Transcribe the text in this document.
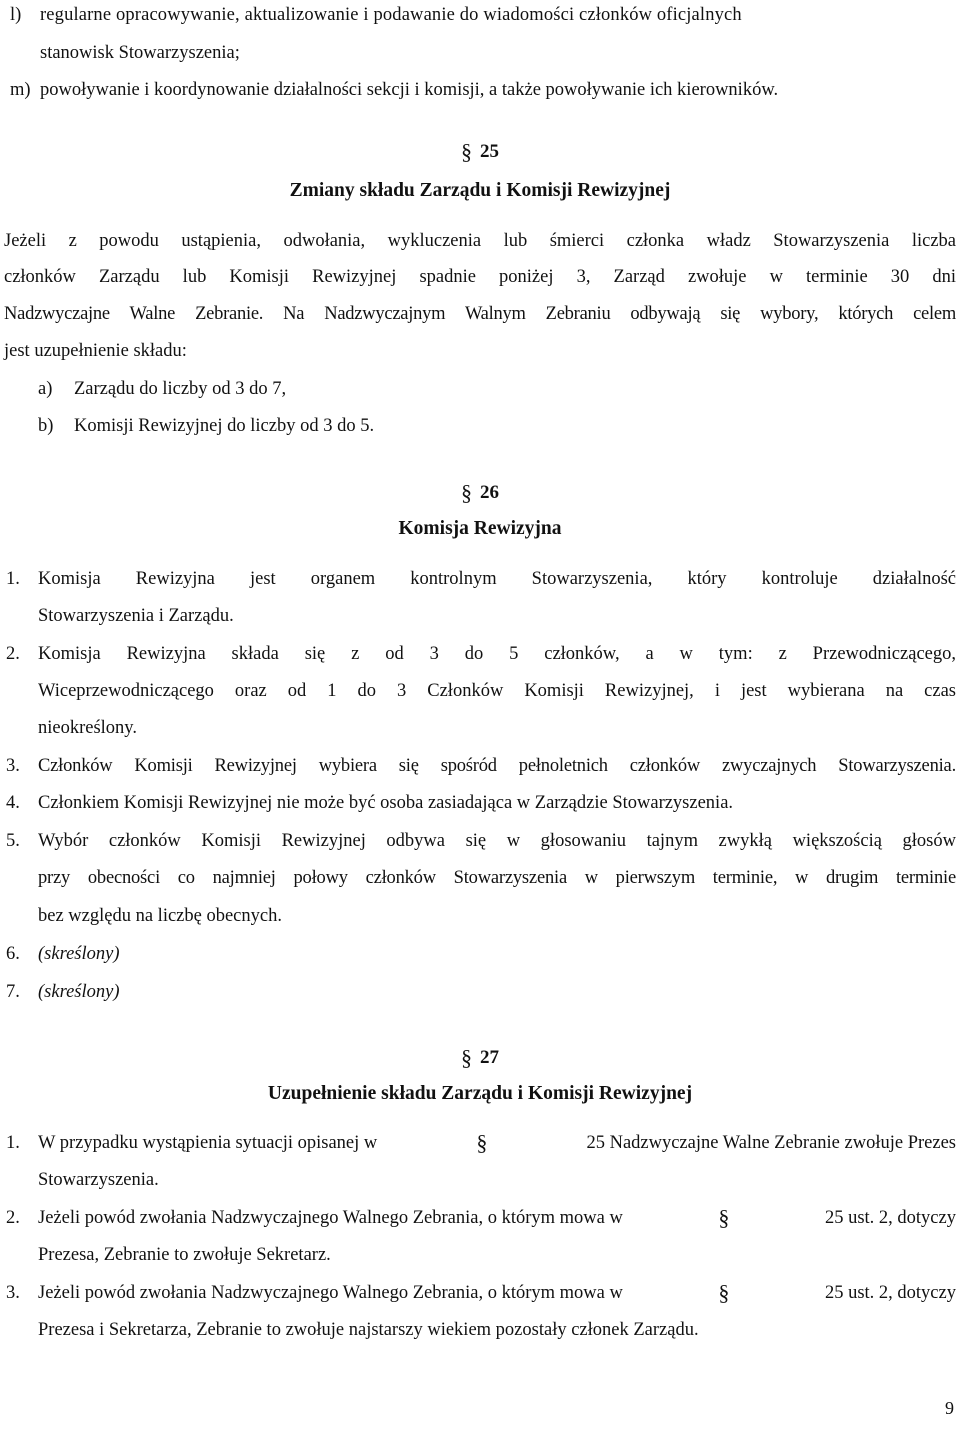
l) regularne opracowywanie, aktualizowanie i podawanie do wiadomości członków oficjalnych
stanowisk Stowarzyszenia;
m) powoływanie i koordynowanie działalności sekcji i komisji, a także powoływanie ich kierowników.
§ 25
Zmiany składu Zarządu i Komisji Rewizyjnej
Jeżeli z powodu ustąpienia, odwołania, wykluczenia lub śmierci członka władz Stowarzyszenia liczba
członków Zarządu lub Komisji Rewizyjnej spadnie poniżej 3, Zarząd zwołuje w terminie 30 dni
Nadzwyczajne Walne Zebranie. Na Nadzwyczajnym Walnym Zebraniu odbywają się wybory, których celem
jest uzupełnienie składu:
a) Zarządu do liczby od 3 do 7,
b) Komisji Rewizyjnej do liczby od 3 do 5.
§ 26
Komisja Rewizyjna
1. Komisja Rewizyjna jest organem kontrolnym Stowarzyszenia, który kontroluje działalność
Stowarzyszenia i Zarządu.
2. Komisja Rewizyjna składa się z od 3 do 5 członków, a w tym: z Przewodniczącego,
Wiceprzewodniczącego oraz od 1 do 3 Członków Komisji Rewizyjnej, i jest wybierana na czas
nieokreślony.
3. Członków Komisji Rewizyjnej wybiera się spośród pełnoletnich członków zwyczajnych Stowarzyszenia.
4. Członkiem Komisji Rewizyjnej nie może być osoba zasiadająca w Zarządzie Stowarzyszenia.
5. Wybór członków Komisji Rewizyjnej odbywa się w głosowaniu tajnym zwykłą większością głosów
przy obecności co najmniej połowy członków Stowarzyszenia w pierwszym terminie, w drugim terminie
bez względu na liczbę obecnych.
6. (skreślony)
7. (skreślony)
§ 27
Uzupełnienie składu Zarządu i Komisji Rewizyjnej
1. W przypadku wystąpienia sytuacji opisanej w	§	25 Nadzwyczajne Walne Zebranie zwołuje Prezes
Stowarzyszenia.
2. Jeżeli powód zwołania Nadzwyczajnego Walnego Zebrania, o którym mowa w	§	25 ust. 2, dotyczy
Prezesa, Zebranie to zwołuje Sekretarz.
3. Jeżeli powód zwołania Nadzwyczajnego Walnego Zebrania, o którym mowa w	§	25 ust. 2, dotyczy
Prezesa i Sekretarza, Zebranie to zwołuje najstarszy wiekiem pozostały członek Zarządu.
9
